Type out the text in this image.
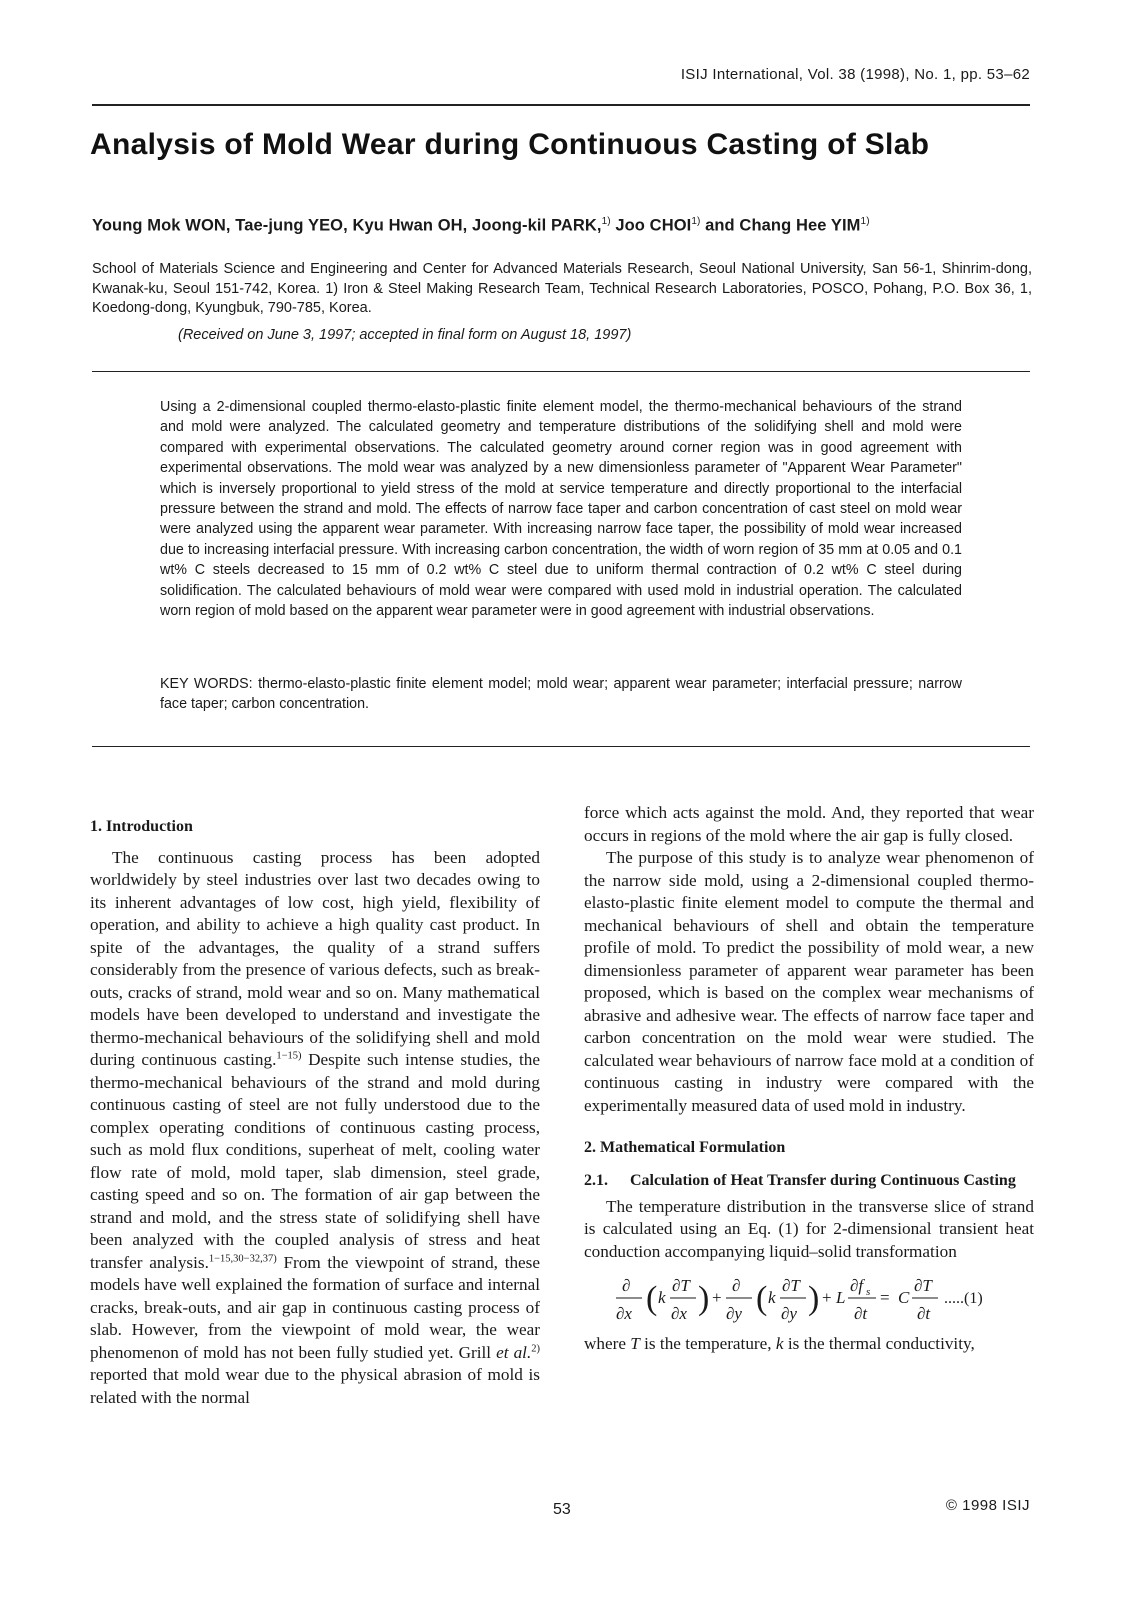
ISIJ International, Vol. 38 (1998), No. 1, pp. 53–62
Analysis of Mold Wear during Continuous Casting of Slab
Young Mok WON, Tae-jung YEO, Kyu Hwan OH, Joong-kil PARK,$^{1)}$ Joo CHOI$^{1)}$ and Chang Hee YIM$^{1)}$
School of Materials Science and Engineering and Center for Advanced Materials Research, Seoul National University, San 56-1, Shinrim-dong, Kwanak-ku, Seoul 151-742, Korea. 1) Iron & Steel Making Research Team, Technical Research Laboratories, POSCO, Pohang, P.O. Box 36, 1, Koedong-dong, Kyungbuk, 790-785, Korea.
(Received on June 3, 1997; accepted in final form on August 18, 1997)
Using a 2-dimensional coupled thermo-elasto-plastic finite element model, the thermo-mechanical behaviours of the strand and mold were analyzed. The calculated geometry and temperature distributions of the solidifying shell and mold were compared with experimental observations. The calculated geometry around corner region was in good agreement with experimental observations. The mold wear was analyzed by a new dimensionless parameter of "Apparent Wear Parameter" which is inversely proportional to yield stress of the mold at service temperature and directly proportional to the interfacial pressure between the strand and mold. The effects of narrow face taper and carbon concentration of cast steel on mold wear were analyzed using the apparent wear parameter. With increasing narrow face taper, the possibility of mold wear increased due to increasing interfacial pressure. With increasing carbon concentration, the width of worn region of 35 mm at 0.05 and 0.1 wt% C steels decreased to 15 mm of 0.2 wt% C steel due to uniform thermal contraction of 0.2 wt% C steel during solidification. The calculated behaviours of mold wear were compared with used mold in industrial operation. The calculated worn region of mold based on the apparent wear parameter were in good agreement with industrial observations.
KEY WORDS: thermo-elasto-plastic finite element model; mold wear; apparent wear parameter; interfacial pressure; narrow face taper; carbon concentration.
1. Introduction

The continuous casting process has been adopted worldwidely by steel industries over last two decades owing to its inherent advantages of low cost, high yield, flexibility of operation, and ability to achieve a high quality cast product. In spite of the advantages, the quality of a strand suffers considerably from the presence of various defects, such as break-outs, cracks of strand, mold wear and so on. Many mathematical models have been developed to understand and investigate the thermo-mechanical behaviours of the solidifying shell and mold during continuous casting.$^{1-15)}$ Despite such intense studies, the thermo-mechanical behaviours of the strand and mold during continuous casting of steel are not fully understood due to the complex operating conditions of continuous casting process, such as mold flux conditions, superheat of melt, cooling water flow rate of mold, mold taper, slab dimension, steel grade, casting speed and so on. The formation of air gap between the strand and mold, and the stress state of solidifying shell have been analyzed with the coupled analysis of stress and heat transfer analysis.$^{1-15,30-32,37)}$ From the viewpoint of strand, these models have well explained the formation of surface and internal cracks, break-outs, and air gap in continuous casting process of slab. However, from the viewpoint of mold wear, the wear phenomenon of mold has not been fully studied yet. Grill et al.$^{2)}$ reported that mold wear due to the physical abrasion of mold is related with the normal

force which acts against the mold. And, they reported that wear occurs in regions of the mold where the air gap is fully closed.

The purpose of this study is to analyze wear phenomenon of the narrow side mold, using a 2-dimensional coupled thermo-elasto-plastic finite element model to compute the thermal and mechanical behaviours of shell and obtain the temperature profile of mold. To predict the possibility of mold wear, a new dimensionless parameter of apparent wear parameter has been proposed, which is based on the complex wear mechanisms of abrasive and adhesive wear. The effects of narrow face taper and carbon concentration on the mold wear were studied. The calculated wear behaviours of narrow face mold at a condition of continuous casting in industry were compared with the experimentally measured data of used mold in industry.

2. Mathematical Formulation
2.1.	Calculation of Heat Transfer during Continuous Casting

The temperature distribution in the transverse slice of strand is calculated using an Eq. (1) for 2-dimensional transient heat conduction accompanying liquid–solid transformation

∂
∂x ( k
∂T
∂x ) +
∂
∂y ( k
∂T
∂y ) + L
∂f s
∂t
= C
∂T
∂t
.....(1)

where T is the temperature, k is the thermal conductivity,

53	© 1998 ISIJ
